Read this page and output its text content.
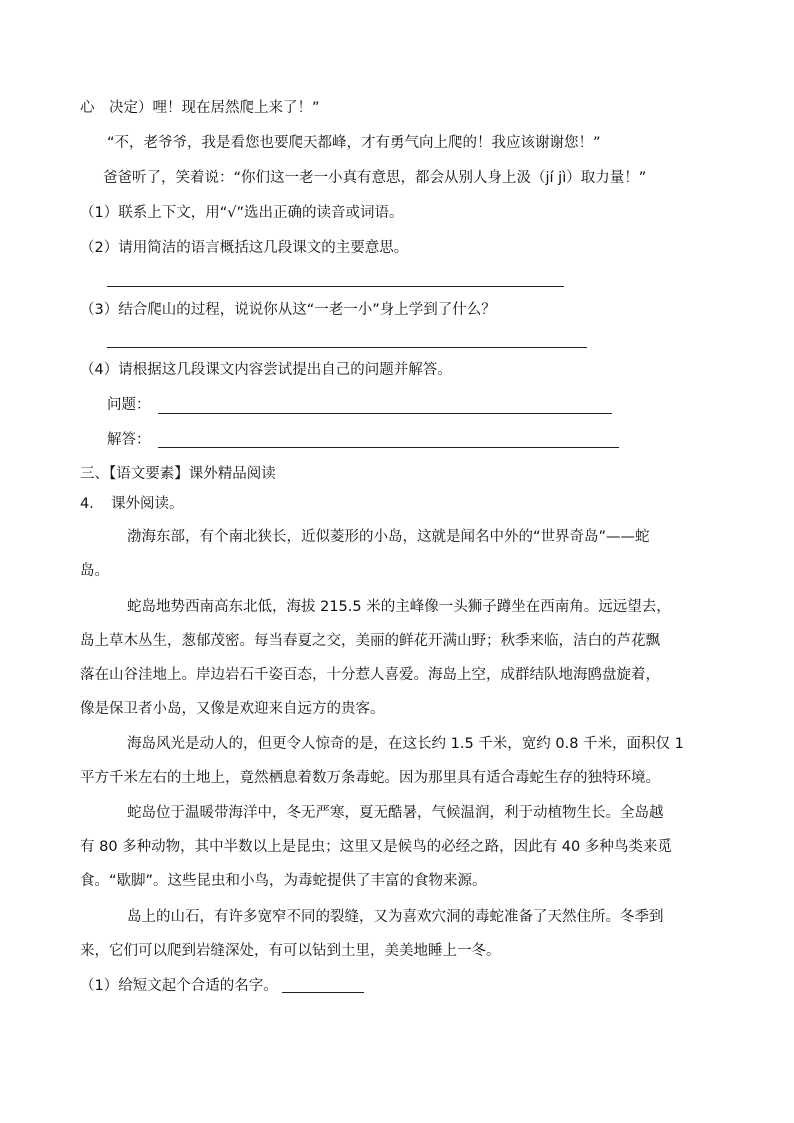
心　决定）哩！现在居然爬上来了！”
“不，老爷爷，我是看您也要爬天都峰，才有勇气向上爬的！我应该谢谢您！”
爸爸听了，笑着说：“你们这一老一小真有意思，都会从别人身上汲（jí jì）取力量！”
（1）联系上下文，用“√”选出正确的读音或词语。
（2）请用简洁的语言概括这几段课文的主要意思。
（3）结合爬山的过程，说说你从这“一老一小”身上学到了什么？
（4）请根据这几段课文内容尝试提出自己的问题并解答。
问题：
解答：
三、【语文要素】课外精品阅读
4．　课外阅读。
渤海东部，有个南北狭长，近似菱形的小岛，这就是闻名中外的“世界奇岛”——蛇
岛。
蛇岛地势西南高东北低，海拔 215.5 米的主峰像一头狮子蹲坐在西南角。远远望去，
岛上草木丛生，葱郁茂密。每当春夏之交，美丽的鲜花开满山野；秋季来临，洁白的芦花飘
落在山谷洼地上。岸边岩石千姿百态，十分惹人喜爱。海岛上空，成群结队地海鸥盘旋着，
像是保卫者小岛，又像是欢迎来自远方的贵客。
海岛风光是动人的，但更令人惊奇的是，在这长约 1.5 千米，宽约 0.8 千米，面积仅 1
平方千米左右的土地上，竟然栖息着数万条毒蛇。因为那里具有适合毒蛇生存的独特环境。
蛇岛位于温暖带海洋中，冬无严寒，夏无酷暑，气候温润，利于动植物生长。全岛越
有 80 多种动物，其中半数以上是昆虫；这里又是候鸟的必经之路，因此有 40 多种鸟类来觅
食。“歇脚”。这些昆虫和小鸟，为毒蛇提供了丰富的食物来源。
岛上的山石，有许多宽窄不同的裂缝，又为喜欢穴洞的毒蛇准备了天然住所。冬季到
来，它们可以爬到岩缝深处，有可以钻到土里，美美地睡上一冬。
（1）给短文起个合适的名字。
